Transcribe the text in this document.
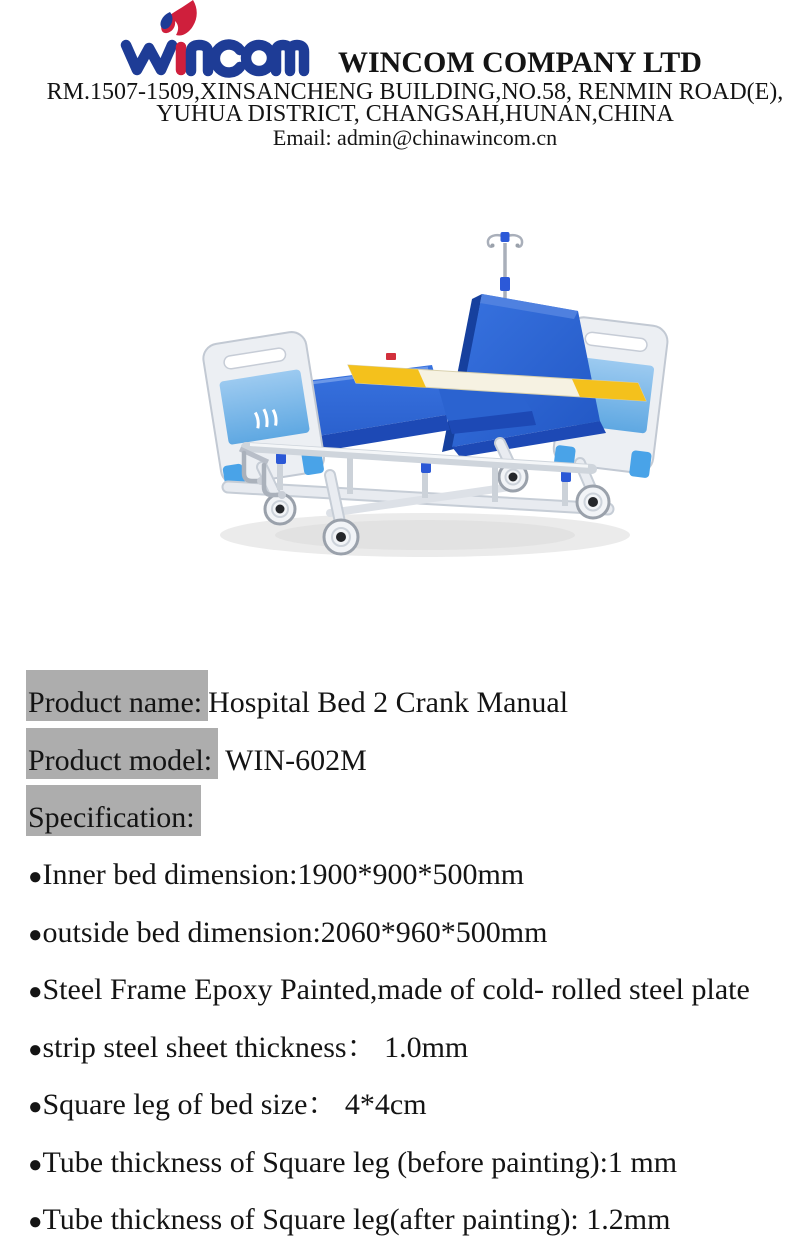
WINCOM COMPANY LTD
RM.1507-1509,XINSANCHENG BUILDING,NO.58, RENMIN ROAD(E),
YUHUA DISTRICT, CHANGSAH,HUNAN,CHINA
Email: admin@chinawincom.cn
Product name: Hospital Bed 2 Crank Manual
Product model: WIN-602M
Specification:
●Inner bed dimension:1900*900*500mm
●outside bed dimension:2060*960*500mm
●Steel Frame Epoxy Painted,made of cold- rolled steel plate
●strip steel sheet thickness： 1.0mm
●Square leg of bed size： 4*4cm
●Tube thickness of Square leg (before painting):1 mm
●Tube thickness of Square leg(after painting): 1.2mm
